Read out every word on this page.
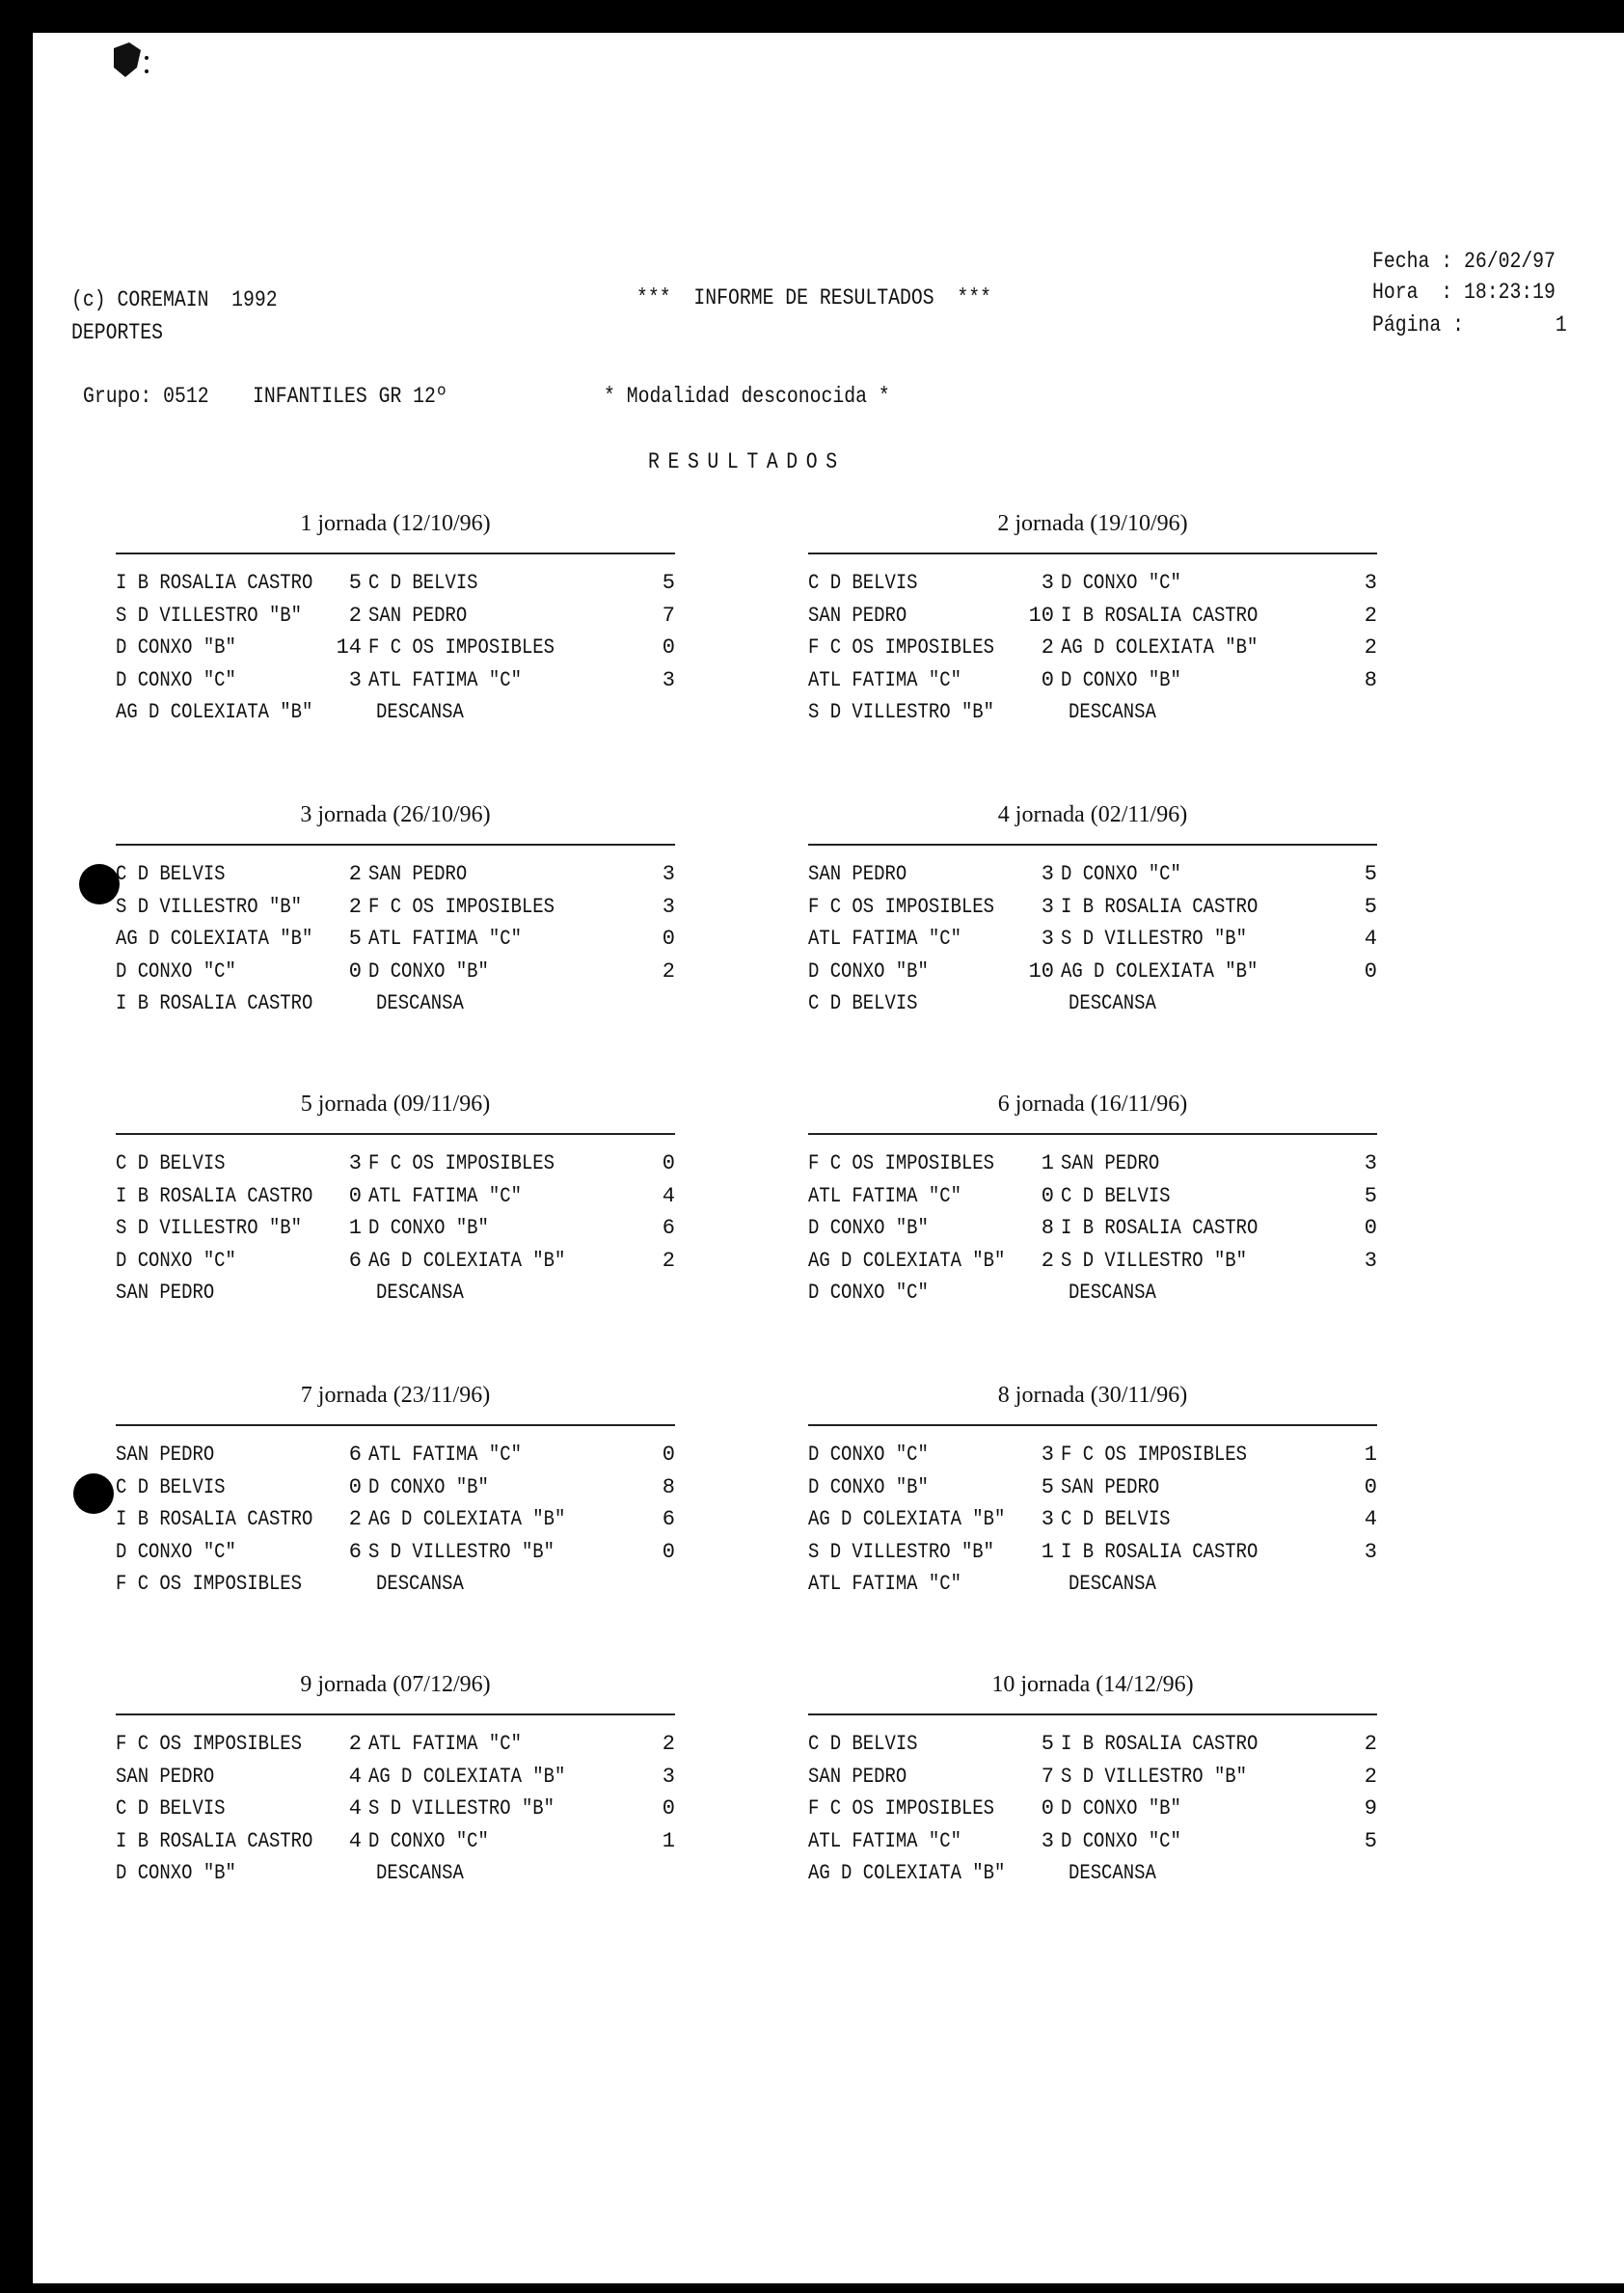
(c) COREMAIN  1992
DEPORTES
***  INFORME DE RESULTADOS  ***
Fecha : 26/02/97
Hora  : 18:23:19
Página :        1
Grupo: 0512 INFANTILES GR 12º	* Modalidad desconocida *
RESULTADOS
1 jornada (12/10/96)
I B ROSALIA CASTRO	5 C D BELVIS	5
S D VILLESTRO "B"	2 SAN PEDRO	7
D CONXO "B"	14 F C OS IMPOSIBLES	0
D CONXO "C"	3 ATL FATIMA "C"	3
AG D COLEXIATA "B"	DESCANSA
2 jornada (19/10/96)
C D BELVIS	3 D CONXO "C"	3
SAN PEDRO	10 I B ROSALIA CASTRO	2
F C OS IMPOSIBLES	2 AG D COLEXIATA "B"	2
ATL FATIMA "C"	0 D CONXO "B"	8
S D VILLESTRO "B"	DESCANSA
3 jornada (26/10/96)
C D BELVIS	2 SAN PEDRO	3
S D VILLESTRO "B"	2 F C OS IMPOSIBLES	3
AG D COLEXIATA "B"	5 ATL FATIMA "C"	0
D CONXO "C"	0 D CONXO "B"	2
I B ROSALIA CASTRO	DESCANSA
4 jornada (02/11/96)
SAN PEDRO	3 D CONXO "C"	5
F C OS IMPOSIBLES	3 I B ROSALIA CASTRO	5
ATL FATIMA "C"	3 S D VILLESTRO "B"	4
D CONXO "B"	10 AG D COLEXIATA "B"	0
C D BELVIS	DESCANSA
5 jornada (09/11/96)
C D BELVIS	3 F C OS IMPOSIBLES	0
I B ROSALIA CASTRO	0 ATL FATIMA "C"	4
S D VILLESTRO "B"	1 D CONXO "B"	6
D CONXO "C"	6 AG D COLEXIATA "B"	2
SAN PEDRO	DESCANSA
6 jornada (16/11/96)
F C OS IMPOSIBLES	1 SAN PEDRO	3
ATL FATIMA "C"	0 C D BELVIS	5
D CONXO "B"	8 I B ROSALIA CASTRO	0
AG D COLEXIATA "B"	2 S D VILLESTRO "B"	3
D CONXO "C"	DESCANSA
7 jornada (23/11/96)
SAN PEDRO	6 ATL FATIMA "C"	0
C D BELVIS	0 D CONXO "B"	8
I B ROSALIA CASTRO	2 AG D COLEXIATA "B"	6
D CONXO "C"	6 S D VILLESTRO "B"	0
F C OS IMPOSIBLES	DESCANSA
8 jornada (30/11/96)
D CONXO "C"	3 F C OS IMPOSIBLES	1
D CONXO "B"	5 SAN PEDRO	0
AG D COLEXIATA "B"	3 C D BELVIS	4
S D VILLESTRO "B"	1 I B ROSALIA CASTRO	3
ATL FATIMA "C"	DESCANSA
9 jornada (07/12/96)
F C OS IMPOSIBLES	2 ATL FATIMA "C"	2
SAN PEDRO	4 AG D COLEXIATA "B"	3
C D BELVIS	4 S D VILLESTRO "B"	0
I B ROSALIA CASTRO	4 D CONXO "C"	1
D CONXO "B"	DESCANSA
10 jornada (14/12/96)
C D BELVIS	5 I B ROSALIA CASTRO	2
SAN PEDRO	7 S D VILLESTRO "B"	2
F C OS IMPOSIBLES	0 D CONXO "B"	9
ATL FATIMA "C"	3 D CONXO "C"	5
AG D COLEXIATA "B"	DESCANSA
